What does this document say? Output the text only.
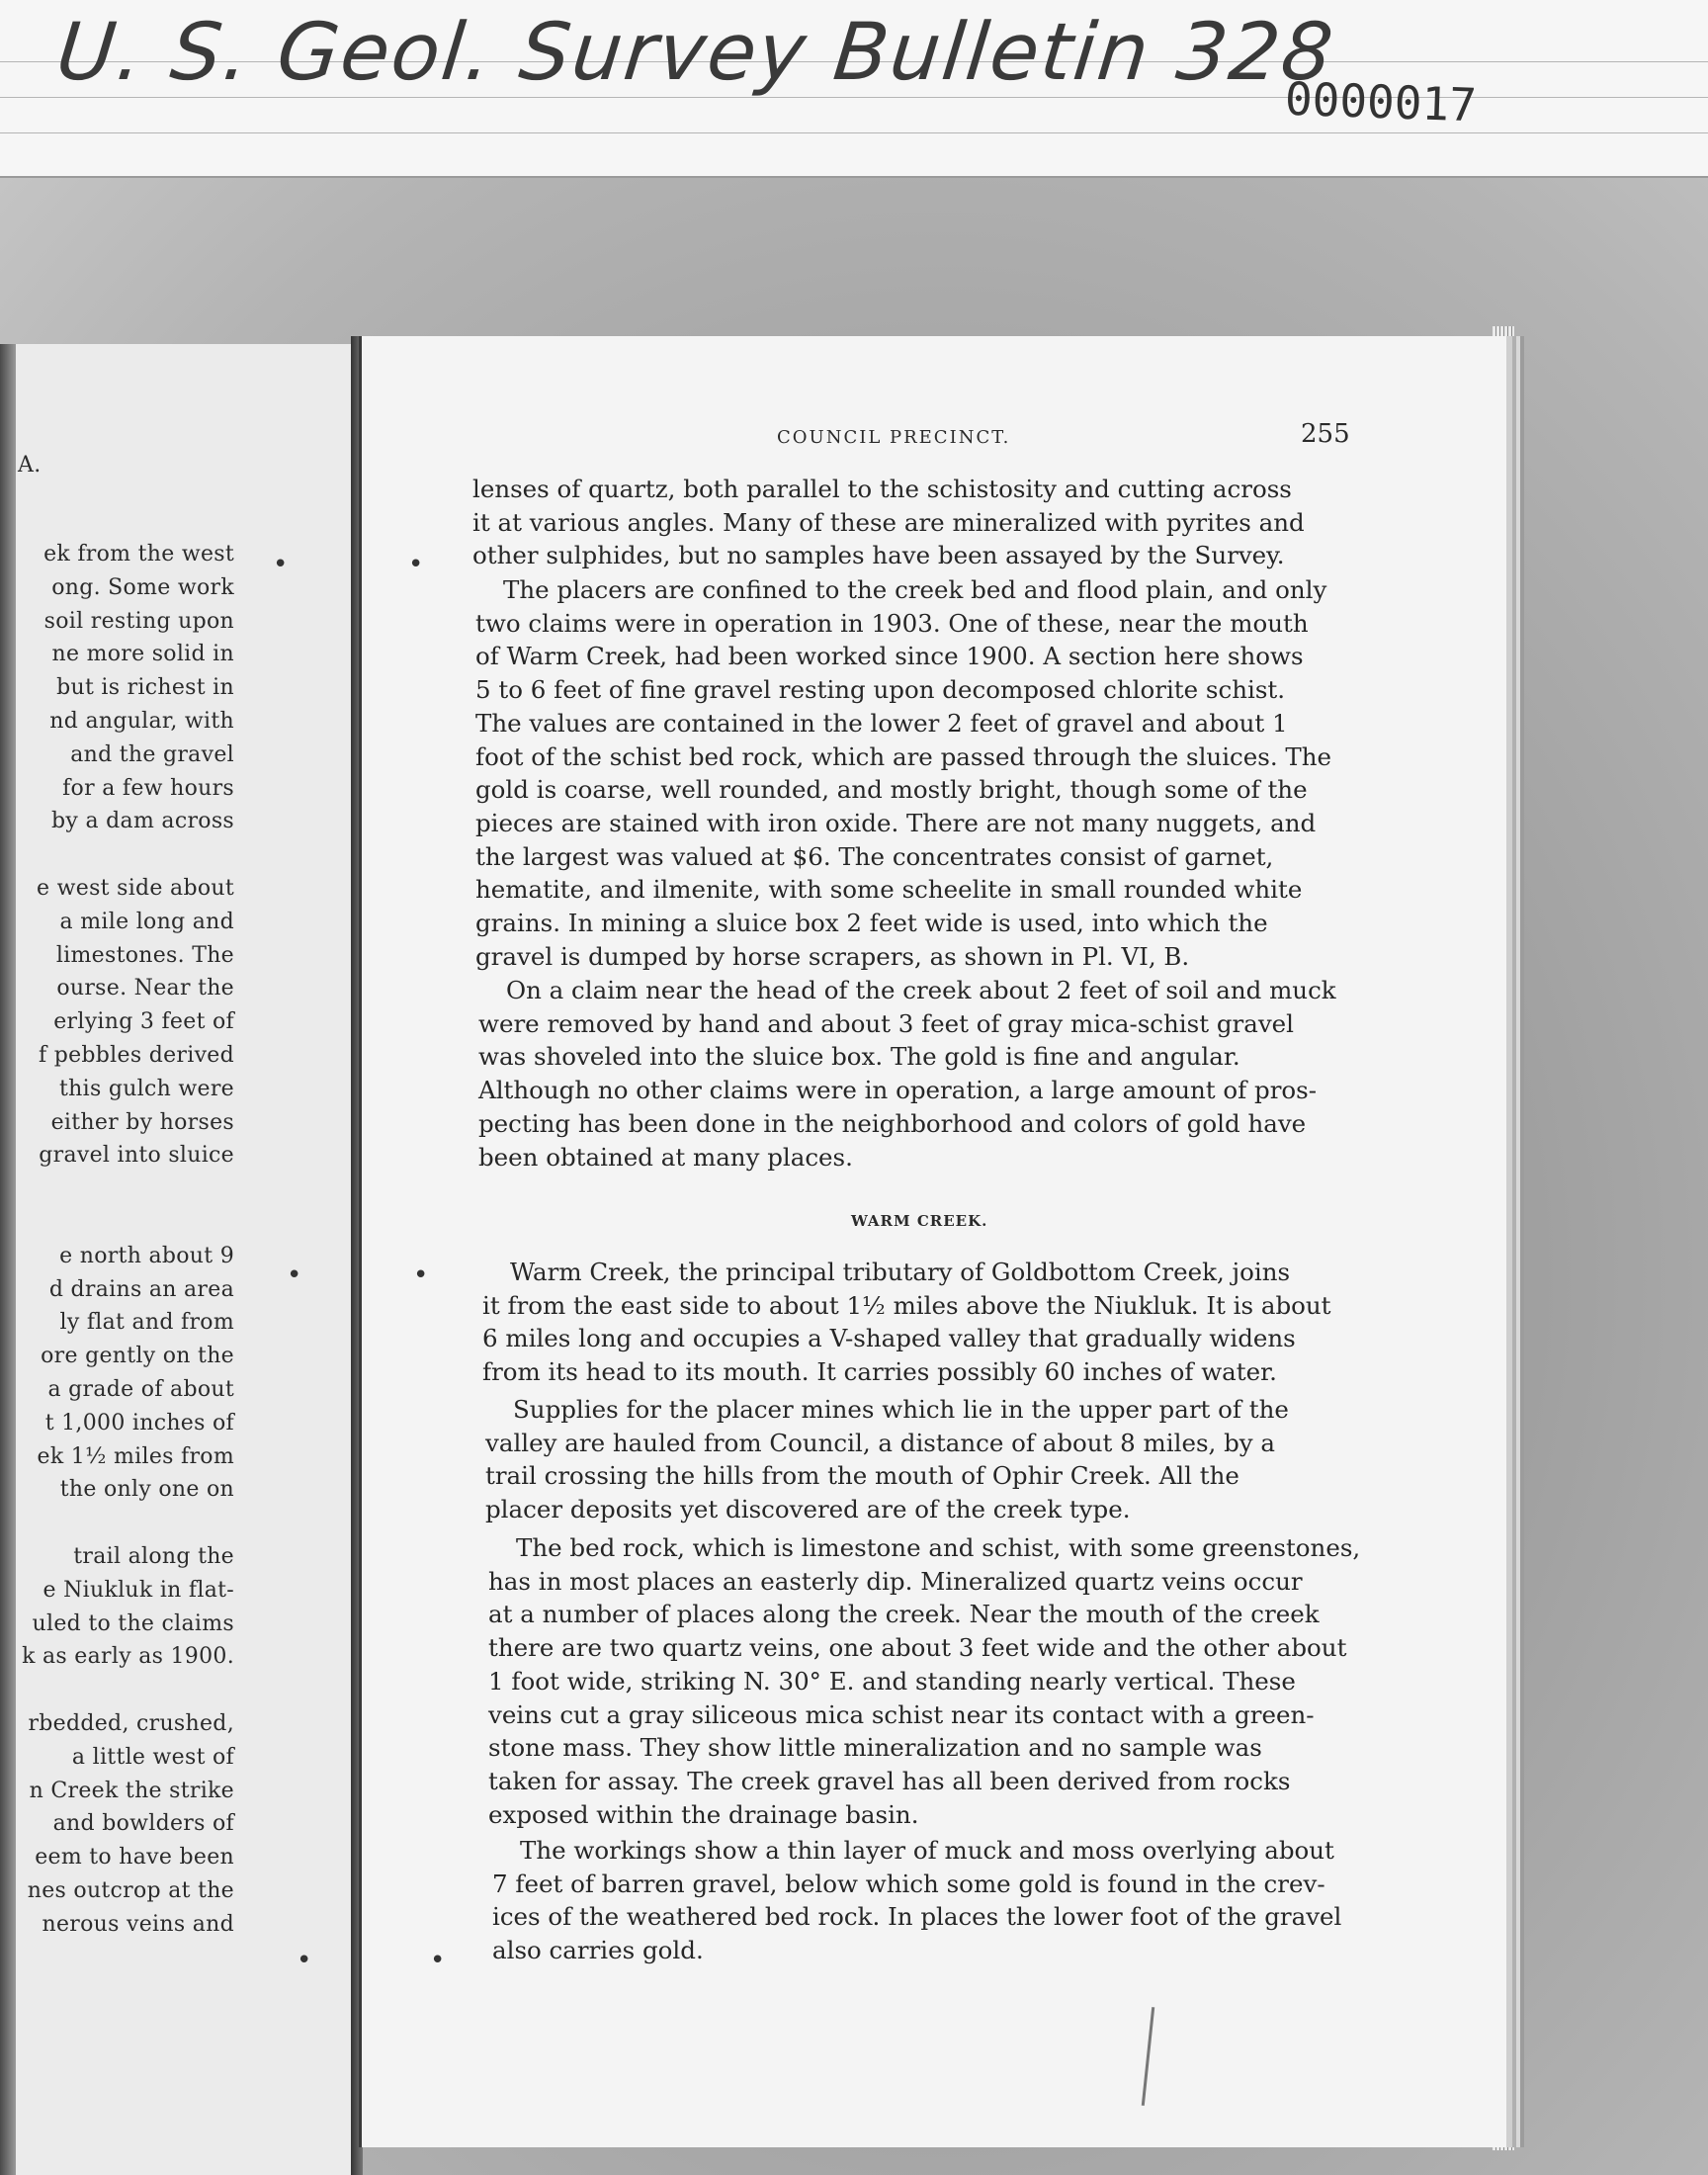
U. S. Geol. Survey Bulletin 328
0000017
A.
ek from the west
ong. Some work
soil resting upon
ne more solid in
but is richest in
nd angular, with
and the gravel
for a few hours
by a dam across
e west side about
a mile long and
limestones. The
ourse. Near the
erlying 3 feet of
f pebbles derived
this gulch were
either by horses
gravel into sluice
e north about 9
d drains an area
ly flat and from
ore gently on the
a grade of about
t 1,000 inches of
ek 1½ miles from
the only one on
trail along the
e Niukluk in flat-
uled to the claims
k as early as 1900.
rbedded, crushed,
a little west of
n Creek the strike
and bowlders of
eem to have been
nes outcrop at the
nerous veins and
COUNCIL PRECINCT.	255
lenses of quartz, both parallel to the schistosity and cutting across
it at various angles. Many of these are mineralized with pyrites and
other sulphides, but no samples have been assayed by the Survey.
The placers are confined to the creek bed and flood plain, and only
two claims were in operation in 1903. One of these, near the mouth
of Warm Creek, had been worked since 1900. A section here shows
5 to 6 feet of fine gravel resting upon decomposed chlorite schist.
The values are contained in the lower 2 feet of gravel and about 1
foot of the schist bed rock, which are passed through the sluices. The
gold is coarse, well rounded, and mostly bright, though some of the
pieces are stained with iron oxide. There are not many nuggets, and
the largest was valued at $6. The concentrates consist of garnet,
hematite, and ilmenite, with some scheelite in small rounded white
grains. In mining a sluice box 2 feet wide is used, into which the
gravel is dumped by horse scrapers, as shown in Pl. VI, B.
On a claim near the head of the creek about 2 feet of soil and muck
were removed by hand and about 3 feet of gray mica-schist gravel
was shoveled into the sluice box. The gold is fine and angular.
Although no other claims were in operation, a large amount of pros-
pecting has been done in the neighborhood and colors of gold have
been obtained at many places.
Warm Creek, the principal tributary of Goldbottom Creek, joins
it from the east side to about 1½ miles above the Niukluk. It is about
6 miles long and occupies a V-shaped valley that gradually widens
from its head to its mouth. It carries possibly 60 inches of water.
Supplies for the placer mines which lie in the upper part of the
valley are hauled from Council, a distance of about 8 miles, by a
trail crossing the hills from the mouth of Ophir Creek. All the
placer deposits yet discovered are of the creek type.
The bed rock, which is limestone and schist, with some greenstones,
has in most places an easterly dip. Mineralized quartz veins occur
at a number of places along the creek. Near the mouth of the creek
there are two quartz veins, one about 3 feet wide and the other about
1 foot wide, striking N. 30° E. and standing nearly vertical. These
veins cut a gray siliceous mica schist near its contact with a green-
stone mass. They show little mineralization and no sample was
taken for assay. The creek gravel has all been derived from rocks
exposed within the drainage basin.
The workings show a thin layer of muck and moss overlying about
7 feet of barren gravel, below which some gold is found in the crev-
ices of the weathered bed rock. In places the lower foot of the gravel
also carries gold.
WARM CREEK.
•	•
•	•
•	•
